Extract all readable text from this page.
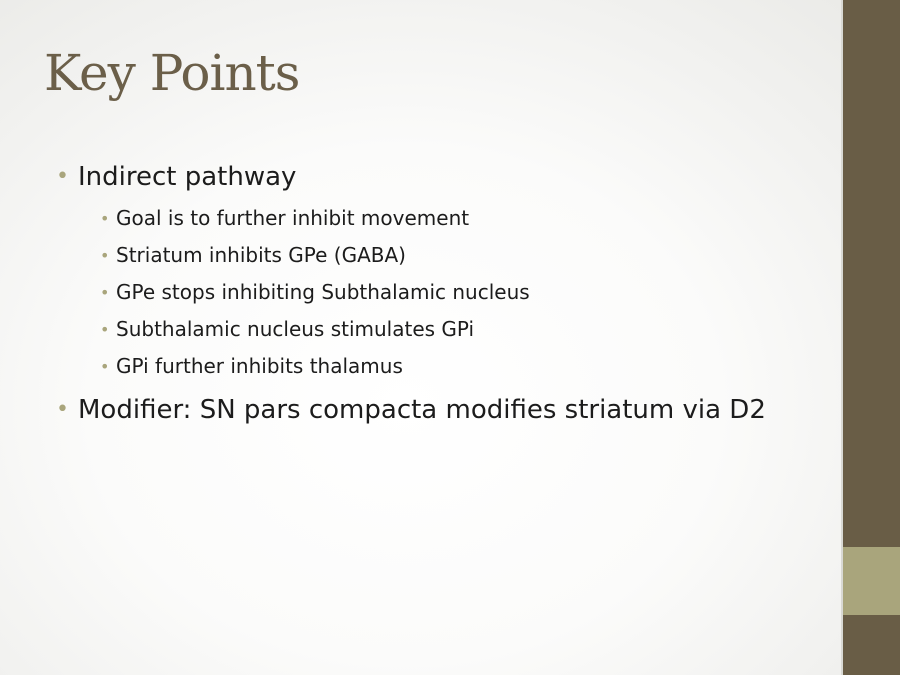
Key Points
• Indirect pathway
• Goal is to further inhibit movement
• Striatum inhibits GPe (GABA)
• GPe stops inhibiting Subthalamic nucleus
• Subthalamic nucleus stimulates GPi
• GPi further inhibits thalamus
• Modifier: SN pars compacta modifies striatum via D2
